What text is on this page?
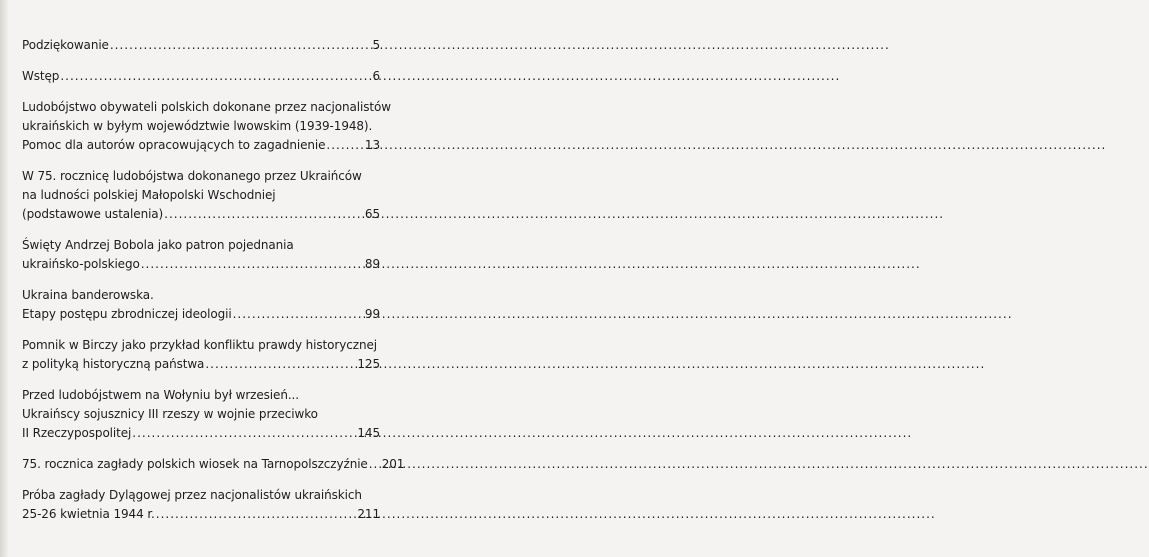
Podziękowanie .....	5
Wstęp .....	6
Ludobójstwo obywateli polskich dokonane przez nacjonalistów
ukraińskich w byłym województwie lwowskim (1939-1948).
Pomoc dla autorów opracowujących to zagadnienie .....	13
W 75. rocznicę ludobójstwa dokonanego przez Ukraińców
na ludności polskiej Małopolski Wschodniej
(podstawowe ustalenia) .....	65
Święty Andrzej Bobola jako patron pojednania
ukraińsko-polskiego .....	89
Ukraina banderowska.
Etapy postępu zbrodniczej ideologii .....	99
Pomnik w Birczy jako przykład konfliktu prawdy historycznej
z polityką historyczną państwa .....	125
Przed ludobójstwem na Wołyniu był wrzesień...
Ukraińscy sojusznicy III rzeszy w wojnie przeciwko
II Rzeczypospolitej .....	145
75. rocznica zagłady polskich wiosek na Tarnopolszczyźnie ..... 201
Próba zagłady Dylągowej przez nacjonalistów ukraińskich
25-26 kwietnia 1944 r. .....	211
